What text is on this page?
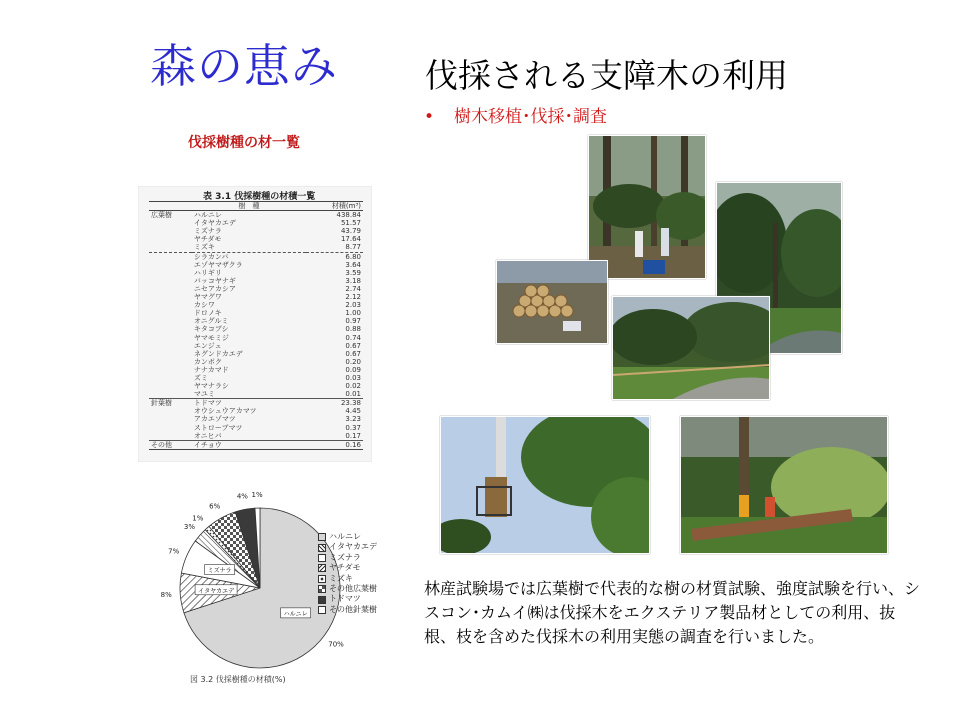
森の恵み	伐採される支障木の利用
• 樹木移植･伐採･調査
伐採樹種の材一覧
表 3.1 伐採樹種の材積一覧
	樹　種	材積(m³)
広葉樹	ハルニレ	438.84
	イタヤカエデ	51.57
	ミズナラ	43.79
	ヤチダモ	17.64
	ミズキ	8.77
	シラカンバ	6.80
	エゾヤマザクラ	3.64
	ハリギリ	3.59
	バッコヤナギ	3.18
	ニセアカシア	2.74
	ヤマグワ	2.12
	カシワ	2.03
	ドロノキ	1.00
	オニグルミ	0.97
	キタコブシ	0.88
	ヤマモミジ	0.74
	エンジュ	0.67
	ネグンドカエデ	0.67
	カンボク	0.20
	ナナカマド	0.09
	ズミ	0.03
	ヤマナラシ	0.02
	マユミ	0.01
針葉樹	トドマツ	23.38
	オウシュウアカマツ	4.45
	アカエゾマツ	3.23
	ストローブマツ	0.37
	オニヒバ	0.17
その他	イチョウ	0.16
70%
8%
7%
3%
1%
6%
4% 1%
ハルニレ
イタヤカエデ
ミズナラ
ハルニレ
イタヤカエデ
ミズナラ
ヤチダモ
ミズキ
その他広葉樹
トドマツ
その他針葉樹
図 3.2 伐採樹種の材積(%)
林産試験場では広葉樹で代表的な樹の材質試験、強度試験を行い、シスコン･カムイ㈱は伐採木をエクステリア製品材としての利用、抜根、枝を含めた伐採木の利用実態の調査を行いました。
